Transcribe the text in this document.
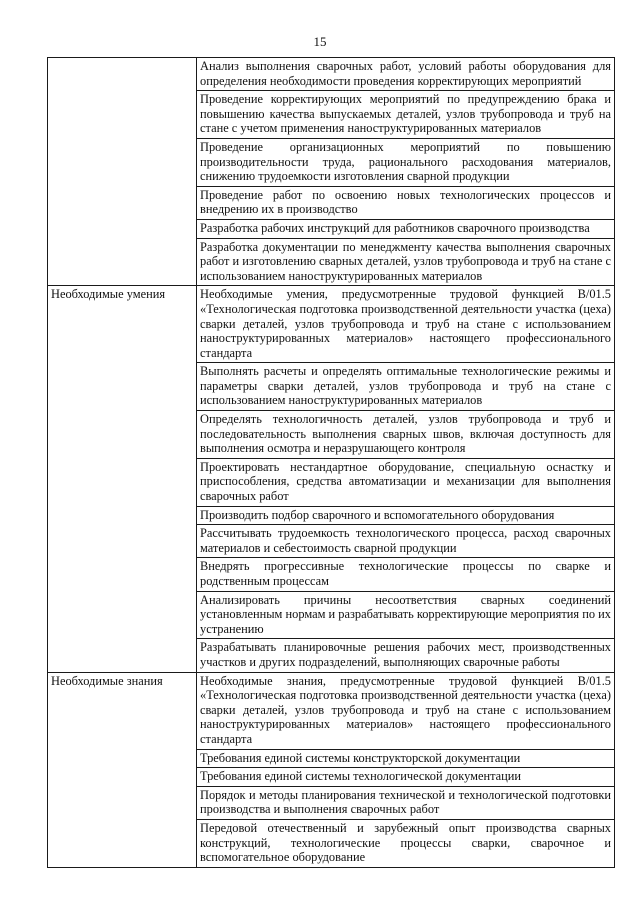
15
	Анализ выполнения сварочных работ, условий работы оборудования для определения необходимости проведения корректирующих мероприятий
	Проведение корректирующих мероприятий по предупреждению брака и повышению качества выпускаемых деталей, узлов трубопровода и труб на стане с учетом применения наноструктурированных материалов
	Проведение организационных мероприятий по повышению производительности труда, рационального расходования материалов, снижению трудоемкости изготовления сварной продукции
	Проведение работ по освоению новых технологических процессов и внедрению их в производство
	Разработка рабочих инструкций для работников сварочного производства
	Разработка документации по менеджменту качества выполнения сварочных работ и изготовлению сварных деталей, узлов трубопровода и труб на стане с использованием наноструктурированных материалов

Необходимые умения	Необходимые умения, предусмотренные трудовой функцией В/01.5 «Технологическая подготовка производственной деятельности участка (цеха) сварки деталей, узлов трубопровода и труб на стане с использованием наноструктурированных материалов» настоящего профессионального стандарта
	Выполнять расчеты и определять оптимальные технологические режимы и параметры сварки деталей, узлов трубопровода и труб на стане с использованием наноструктурированных материалов
	Определять технологичность деталей, узлов трубопровода и труб и последовательность выполнения сварных швов, включая доступность для выполнения осмотра и неразрушающего контроля
	Проектировать нестандартное оборудование, специальную оснастку и приспособления, средства автоматизации и механизации для выполнения сварочных работ
	Производить подбор сварочного и вспомогательного оборудования
	Рассчитывать трудоемкость технологического процесса, расход сварочных материалов и себестоимость сварной продукции
	Внедрять прогрессивные технологические процессы по сварке и родственным процессам
	Анализировать причины несоответствия сварных соединений установленным нормам и разрабатывать корректирующие мероприятия по их устранению
	Разрабатывать планировочные решения рабочих мест, производственных участков и других подразделений, выполняющих сварочные работы

Необходимые знания	Необходимые знания, предусмотренные трудовой функцией В/01.5 «Технологическая подготовка производственной деятельности участка (цеха) сварки деталей, узлов трубопровода и труб на стане с использованием наноструктурированных материалов» настоящего профессионального стандарта
	Требования единой системы конструкторской документации
	Требования единой системы технологической документации
	Порядок и методы планирования технической и технологической подготовки производства и выполнения сварочных работ
	Передовой отечественный и зарубежный опыт производства сварных конструкций, технологические процессы сварки, сварочное и вспомогательное оборудование
